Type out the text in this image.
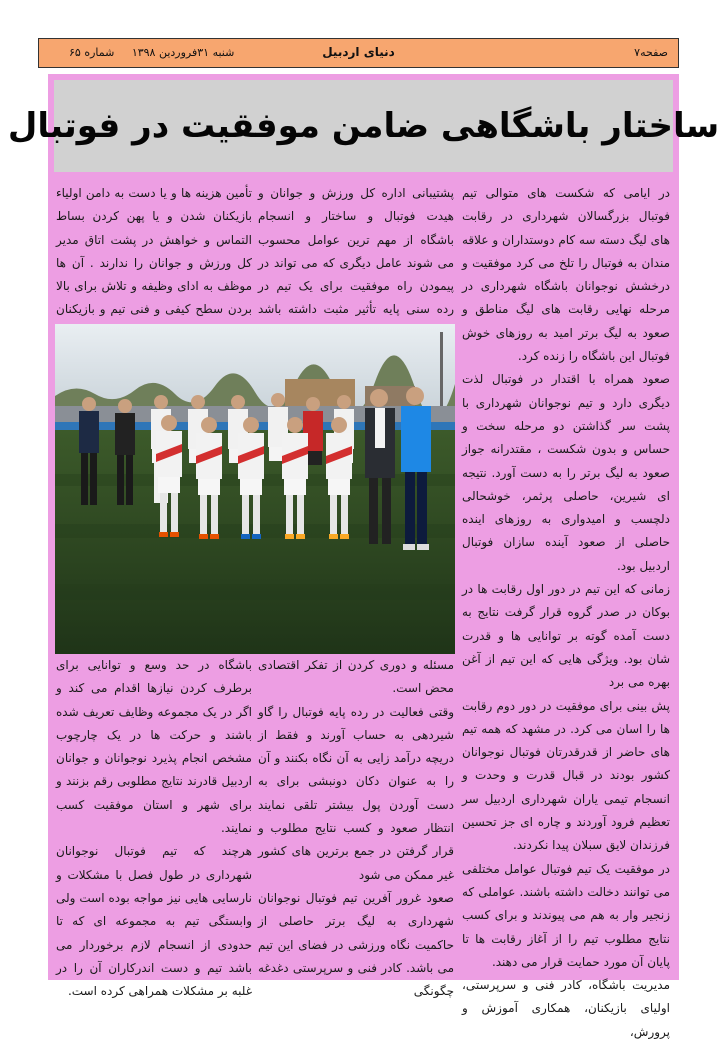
صفحه۷
دنیای اردبیل
شنبه ۳۱فروردین ۱۳۹۸ شماره ۶۵
ساختار باشگاهی ضامن موفقیت در فوتبال

در ایامی که شکست های متوالی تیم فوتبال بزرگسالان شهرداری در رقابت های لیگ دسته سه کام دوستداران و علاقه مندان به فوتبال را تلخ می کرد موفقیت و درخشش نوجوانان باشگاه شهرداری در مرحله نهایی رقابت های لیگ مناطق و صعود به لیگ برتر امید به روزهای خوش فوتبال این باشگاه را زنده کرد.

صعود همراه با اقتدار در فوتبال لذت دیگری دارد و تیم نوجوانان شهرداری با پشت سر گذاشتن دو مرحله سخت و حساس و بدون شکست ، مقتدرانه جواز صعود به لیگ برتر را به دست آورد. نتیجه ای شیرین، حاصلی پرثمر، خوشحالی دلچسب و امیدواری به روزهای اینده حاصلی از صعود آینده سازان فوتبال اردبیل بود.

زمانی که این تیم در دور اول رقابت ها در بوکان در صدر گروه قرار گرفت نتایج به دست آمده گوته بر توانایی ها و قدرت شان بود. ویژگی هایی که این تیم از آغن بهره می برد

پش بینی برای موفقیت در دور دوم رقابت ها را اسان می کرد. در مشهد که همه تیم های حاضر از قدرقدرتان فوتبال نوجوانان کشور بودند در قبال قدرت و وحدت و انسجام تیمی یاران شهرداری اردبیل سر تعظیم فرود آوردند و چاره ای جز تحسین فرزندان لایق سبلان پیدا نکردند.

در موفقیت یک تیم فوتبال عوامل مختلفی می توانند دخالت داشته باشند. عواملی که زنجیر وار به هم می پیوندند و برای کسب نتایج مطلوب تیم را از آغاز رقابت ها تا پایان آن مورد حمایت قرار می دهند.

مدیریت باشگاه، کادر فنی و سرپرستی، اولیای بازیکنان، همکاری آموزش و پرورش،

پشتیبانی اداره کل ورزش و جوانان و هیدت فوتبال و ساختار و انسجام باشگاه از مهم ترین عوامل محسوب می شوند عامل دیگری که می تواند در پیمودن راه موفقیت برای یک تیم در رده سنی پایه تأثیر مثبت داشته باشد

تأمین هزینه ها و یا دست به دامن اولیاء بازیکنان شدن و یا پهن کردن بساط التماس و خواهش در پشت اتاق مدیر کل ورزش و جوانان را ندارند . آن ها موظف به ادای وظیفه و تلاش برای بالا بردن سطح کیفی و فنی تیم و بازیکنان

مسئله و دوری کردن از تفکر اقتصادی محض است.

وقتی فعالیت در رده پایه فوتبال را گاو شیردهی به حساب آورند و فقط از دریچه درآمد زایی به آن نگاه بکنند و آن را به عنوان دکان دونبشی برای به دست آوردن پول بیشتر تلقی نمایند انتظار صعود و کسب نتایج مطلوب و قرار گرفتن در جمع برترین های کشور غیر ممکن می شود

صعود غرور آفرین تیم فوتبال نوجوانان شهرداری به لیگ برتر حاصلی از حاکمیت نگاه ورزشی در فضای این تیم می باشد. کادر فنی و سرپرستی دغدغه چگونگی

باشگاه در حد وسع و توانایی برای برطرف کردن نیازها اقدام می کند و اگر در یک مجموعه وظایف تعریف شده باشند و حرکت ها در یک چارچوب مشخص انجام پذیرد نوجوانان و جوانان اردبیل قادرند نتایج مطلوبی رقم بزنند و برای شهر و استان موفقیت کسب نمایند.

هرچند که تیم فوتبال نوجوانان شهرداری در طول فصل با مشکلات و نارسایی هایی نیز مواجه بوده است ولی وابستگی تیم به مجموعه ای که تا حدودی از انسجام لازم برخوردار می باشد تیم و دست اندرکاران آن را در غلبه بر مشکلات همراهی کرده است.
